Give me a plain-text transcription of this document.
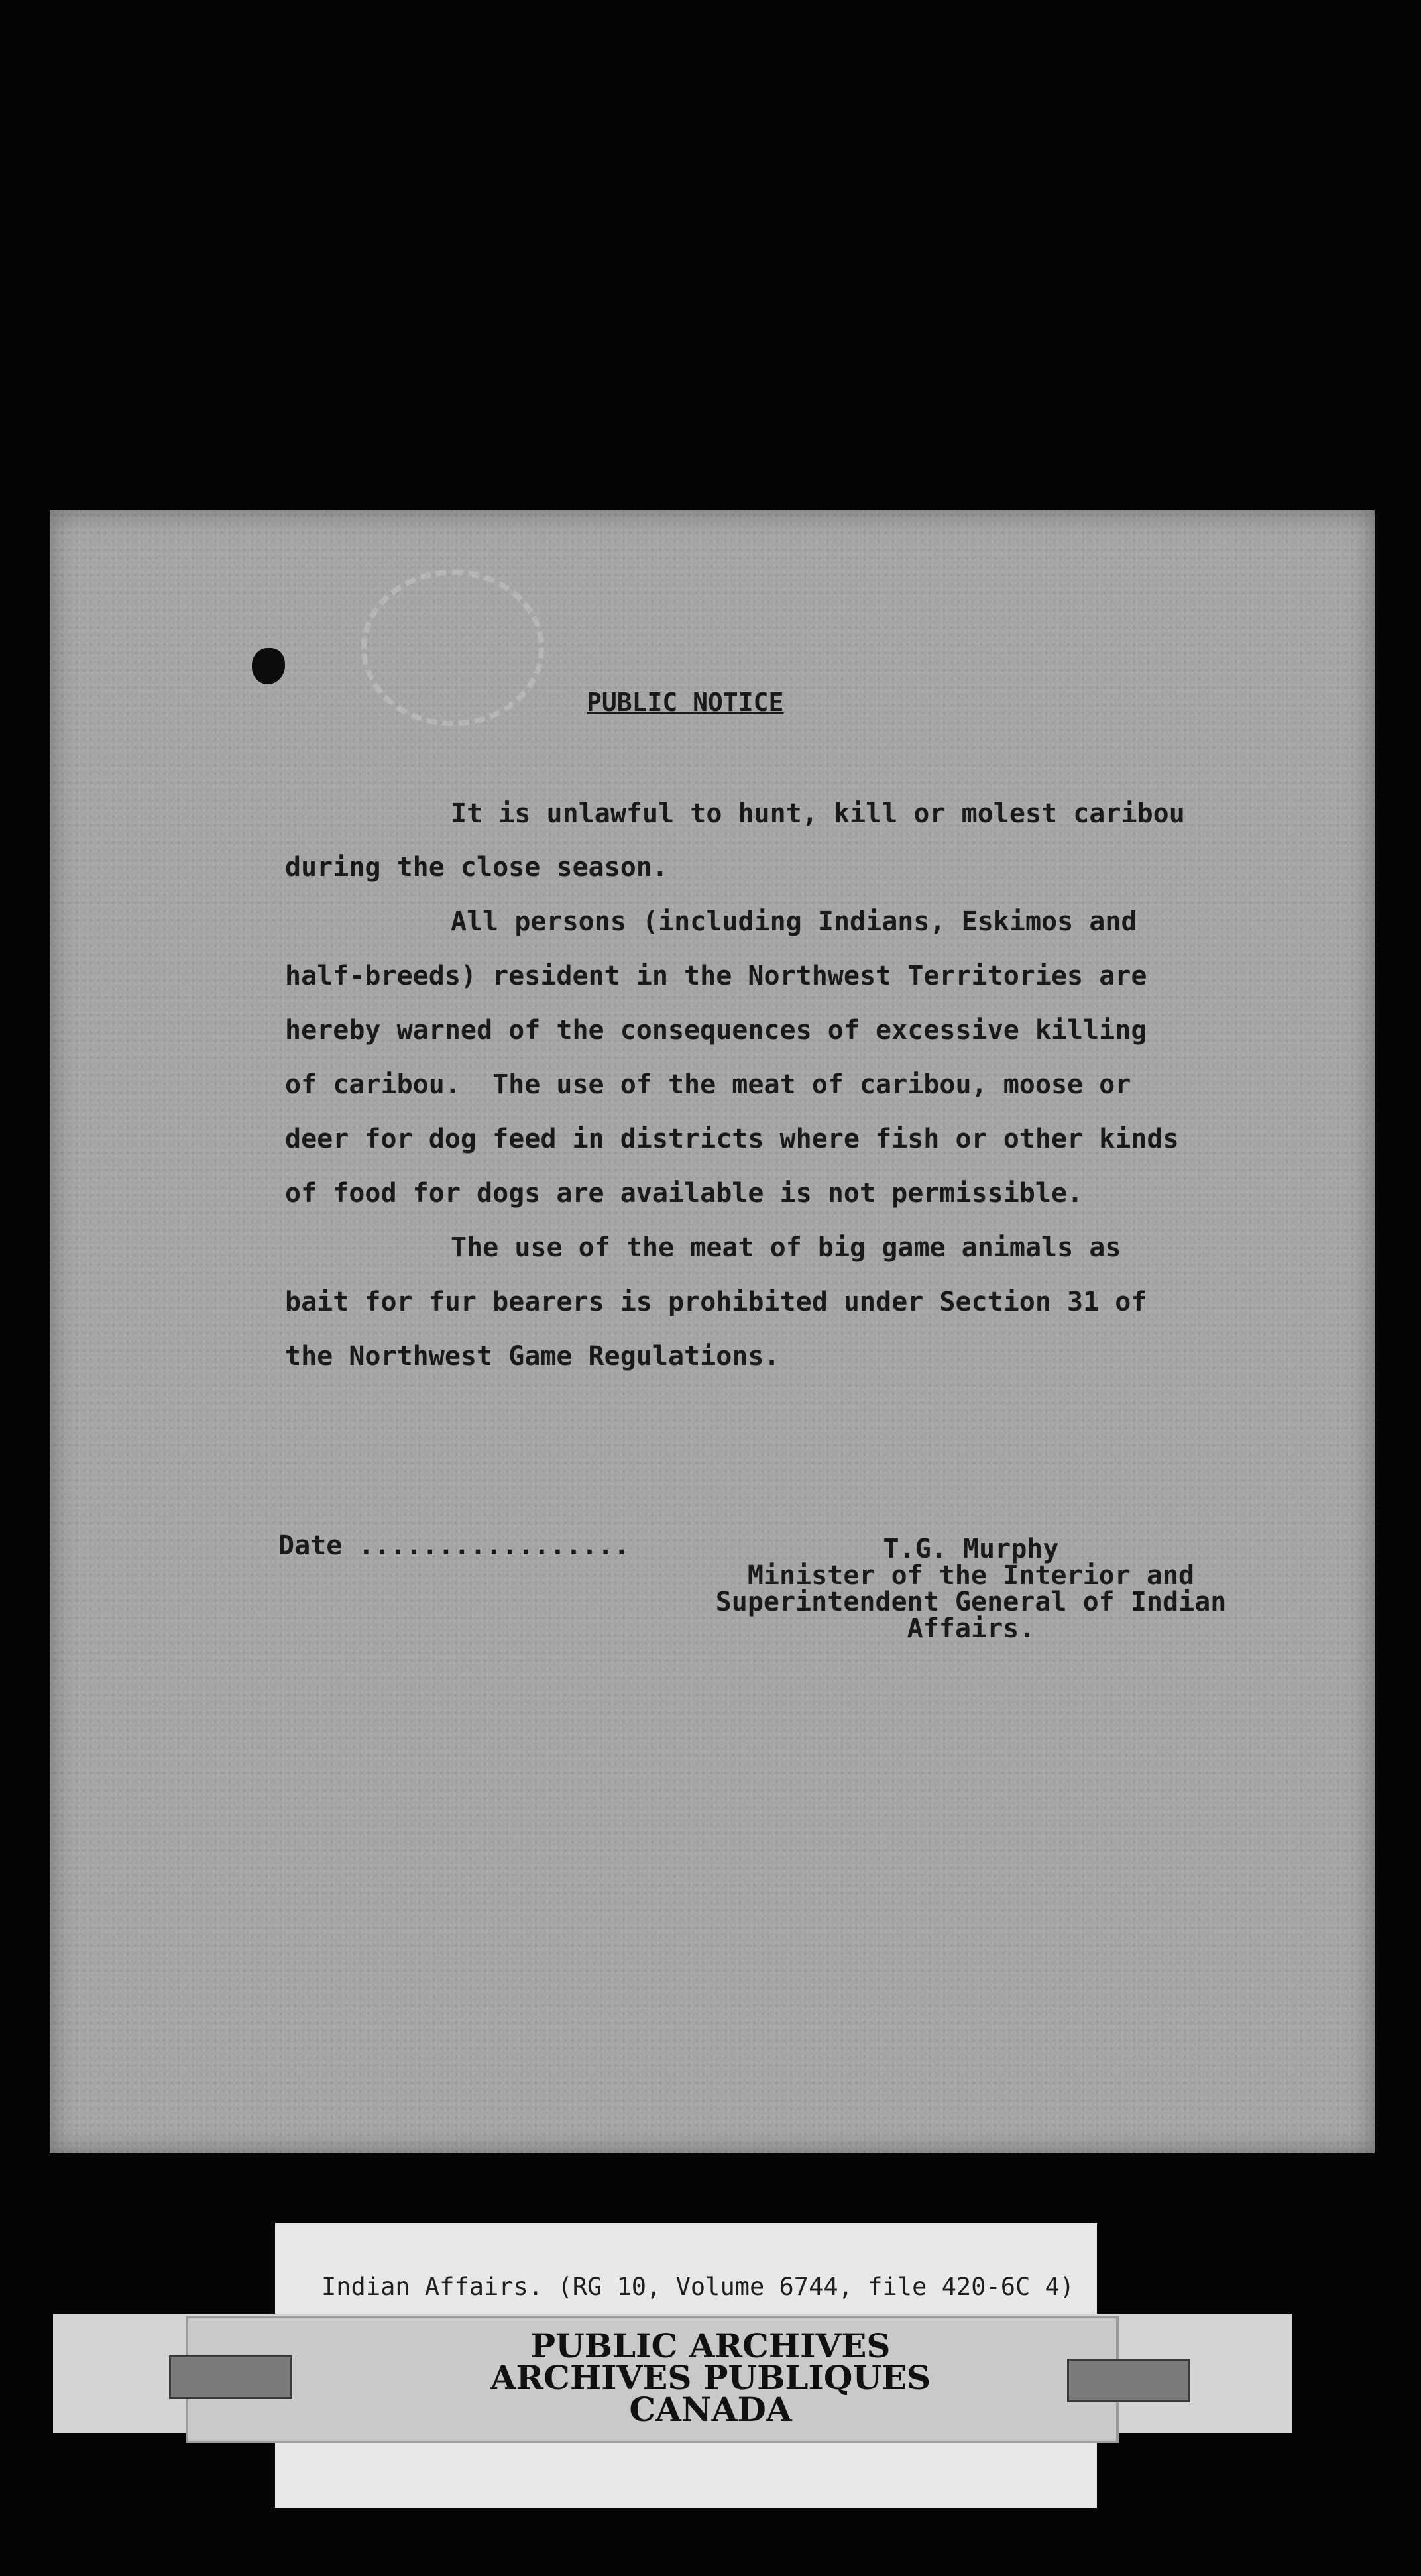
PUBLIC NOTICE
It is unlawful to hunt, kill or molest caribou
during the close season.
All persons (including Indians, Eskimos and
half-breeds) resident in the Northwest Territories are
hereby warned of the consequences of excessive killing
of caribou.  The use of the meat of caribou, moose or
deer for dog feed in districts where fish or other kinds
of food for dogs are available is not permissible.
The use of the meat of big game animals as
bait for fur bearers is prohibited under Section 31 of
the Northwest Game Regulations.
Date .................	T.G. Murphy
Minister of the Interior and
Superintendent General of Indian
Affairs.
Indian Affairs. (RG 10, Volume 6744, file 420-6C 4)
PUBLIC ARCHIVES
ARCHIVES PUBLIQUES
CANADA
